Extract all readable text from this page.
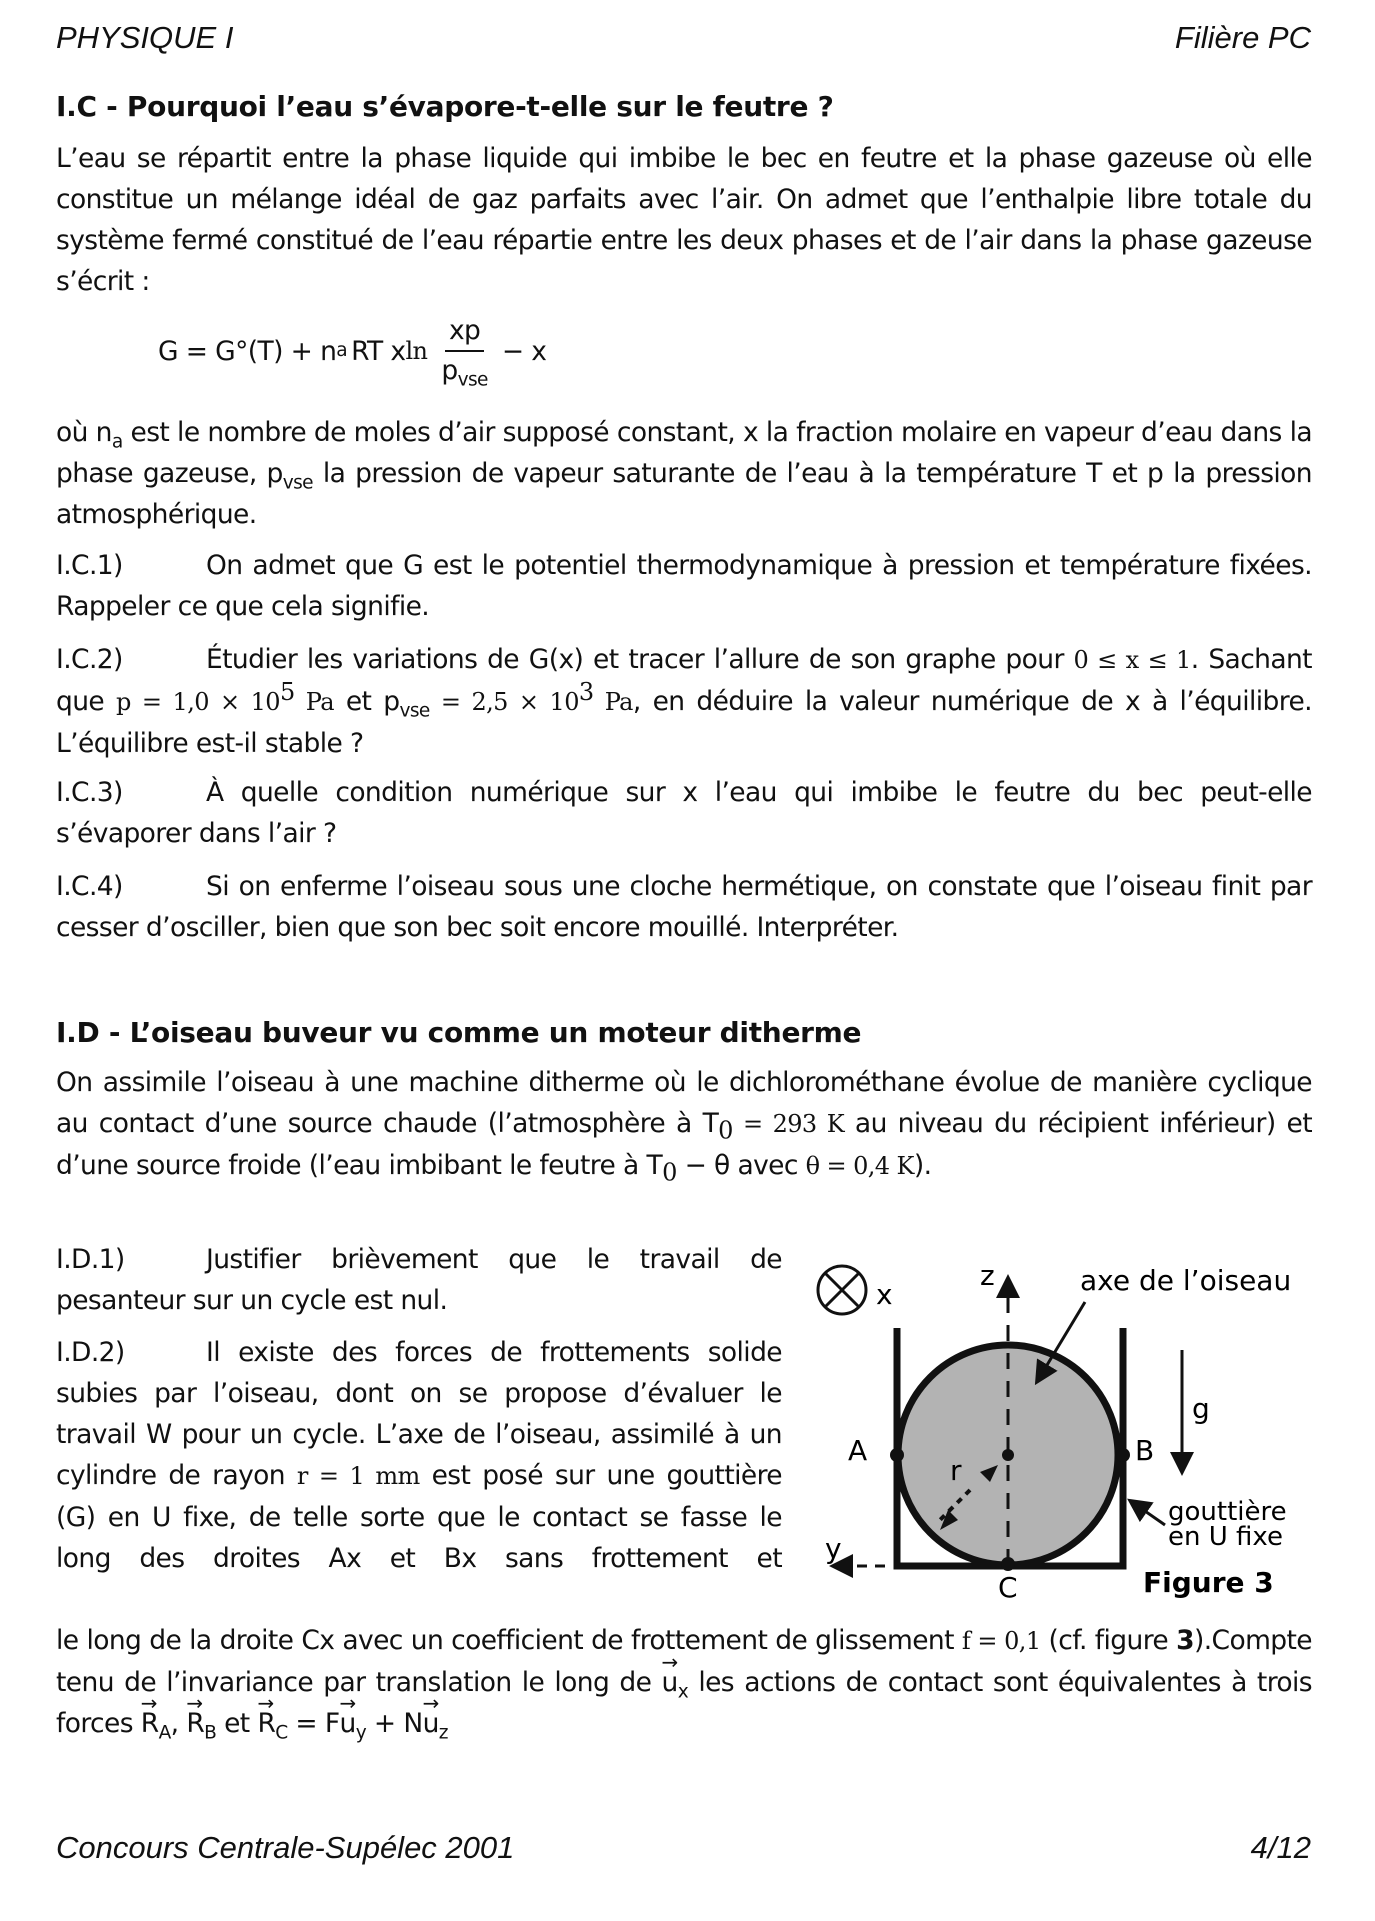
PHYSIQUE I	Filière PC
I.C - Pourquoi l’eau s’évapore-t-elle sur le feutre ?
L’eau se répartit entre la phase liquide qui imbibe le bec en feutre et la phase gazeuse où elle constitue un mélange idéal de gaz parfaits avec l’air. On admet que l’enthalpie libre totale du système fermé constitué de l’eau répartie entre les deux phases et de l’air dans la phase gazeuse s’écrit :
G = G°(T) + n a RT x $\ln \frac{xp}{p_{vse}} - x$
où $n_a$ est le nombre de moles d’air supposé constant, x la fraction molaire en vapeur d’eau dans la phase gazeuse, $p_{vse}$ la pression de vapeur saturante de l’eau à la température T et p la pression atmosphérique.
I.C.1)	On admet que G est le potentiel thermodynamique à pression et température fixées. Rappeler ce que cela signifie.
I.C.2)	Étudier les variations de G(x) et tracer l’allure de son graphe pour 0 ≤ x ≤ 1. Sachant que $p = 1,0 \times 10^5$ Pa et $p_{vse} = 2,5 \times 10^3$ Pa, en déduire la valeur numérique de x à l’équilibre. L’équilibre est-il stable ?
I.C.3)	À quelle condition numérique sur x l’eau qui imbibe le feutre du bec peut-elle s’évaporer dans l’air ?
I.C.4)	Si on enferme l’oiseau sous une cloche hermétique, on constate que l’oiseau finit par cesser d’osciller, bien que son bec soit encore mouillé. Interpréter.
I.D - L’oiseau buveur vu comme un moteur ditherme
On assimile l’oiseau à une machine ditherme où le dichlorométhane évolue de manière cyclique au contact d’une source chaude (l’atmosphère à $T_0 = 293$ K au niveau du récipient inférieur) et d’une source froide (l’eau imbibant le feutre à $T_0 - \theta$ avec θ = 0,4 K).
I.D.1)	Justifier brièvement que le travail de pesanteur sur un cycle est nul.
I.D.2)	Il existe des forces de frottements solide subies par l’oiseau, dont on se propose d’évaluer le travail W pour un cycle. L’axe de l’oiseau, assimilé à un cylindre de rayon r = 1 mm est posé sur une gouttière (G) en U fixe, de telle sorte que le contact se fasse le long des droites Ax et Bx sans frottement et
le long de la droite Cx avec un coefficient de frottement de glissement f = 0,1 (cf. figure 3).Compte tenu de l’invariance par translation le long de → $u_x$ les actions de contact sont équivalentes à trois forces → $R_A$, → $R_B$ et → $R_C = F\to u_y + N\to u_z$
x
z
y
axe de l’oiseau
g
A	B
C
r
gouttière
en U fixe
Figure 3
Concours Centrale-Supélec 2001	4/12
